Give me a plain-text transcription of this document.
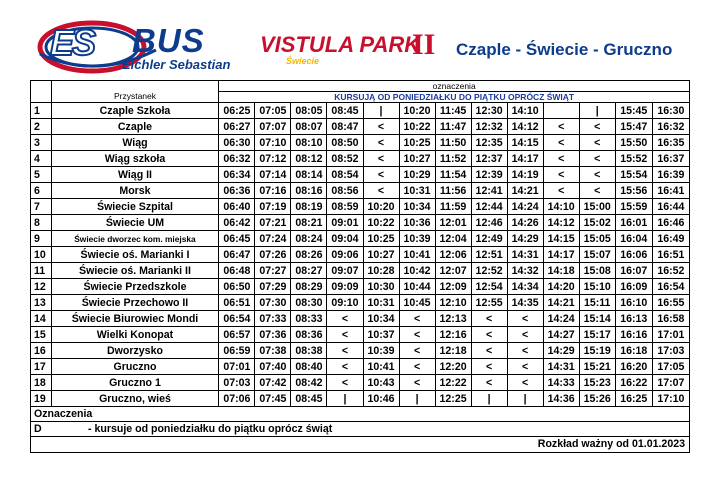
ES BUS
Eichler Sebastian
VISTULA PARK
Świecie	II Czaple - Świecie - Gruczno
		oznaczenia												
	Przystanek	KURSUJĄ OD PONIEDZIAŁKU DO PIĄTKU OPRÓCZ ŚWIĄT												
1	Czaple Szkoła	06:25	07:05	08:05	08:45	|	10:20	11:45	12:30	14:10		|	15:45	16:30
2	Czaple	06:27	07:07	08:07	08:47	<	10:22	11:47	12:32	14:12	<	<	15:47	16:32
3	Wiąg	06:30	07:10	08:10	08:50	<	10:25	11:50	12:35	14:15	<	<	15:50	16:35
4	Wiąg szkoła	06:32	07:12	08:12	08:52	<	10:27	11:52	12:37	14:17	<	<	15:52	16:37
5	Wiąg II	06:34	07:14	08:14	08:54	<	10:29	11:54	12:39	14:19	<	<	15:54	16:39
6	Morsk	06:36	07:16	08:16	08:56	<	10:31	11:56	12:41	14:21	<	<	15:56	16:41
7	Świecie Szpital	06:40	07:19	08:19	08:59	10:20	10:34	11:59	12:44	14:24	14:10	15:00	15:59	16:44
8	Świecie UM	06:42	07:21	08:21	09:01	10:22	10:36	12:01	12:46	14:26	14:12	15:02	16:01	16:46
9	Świecie dworzec kom. miejska	06:45	07:24	08:24	09:04	10:25	10:39	12:04	12:49	14:29	14:15	15:05	16:04	16:49
10	Świecie oś. Marianki I	06:47	07:26	08:26	09:06	10:27	10:41	12:06	12:51	14:31	14:17	15:07	16:06	16:51
11	Świecie oś. Marianki II	06:48	07:27	08:27	09:07	10:28	10:42	12:07	12:52	14:32	14:18	15:08	16:07	16:52
12	Świecie Przedszkole	06:50	07:29	08:29	09:09	10:30	10:44	12:09	12:54	14:34	14:20	15:10	16:09	16:54
13	Świecie Przechowo II	06:51	07:30	08:30	09:10	10:31	10:45	12:10	12:55	14:35	14:21	15:11	16:10	16:55
14	Świecie Biurowiec Mondi	06:54	07:33	08:33	<	10:34	<	12:13	<	<	14:24	15:14	16:13	16:58
15	Wielki Konopat	06:57	07:36	08:36	<	10:37	<	12:16	<	<	14:27	15:17	16:16	17:01
16	Dworzysko	06:59	07:38	08:38	<	10:39	<	12:18	<	<	14:29	15:19	16:18	17:03
17	Gruczno	07:01	07:40	08:40	<	10:41	<	12:20	<	<	14:31	15:21	16:20	17:05
18	Gruczno 1	07:03	07:42	08:42	<	10:43	<	12:22	<	<	14:33	15:23	16:22	17:07
19	Gruczno, wieś	07:06	07:45	08:45	|	10:46	|	12:25	|	|	14:36	15:26	16:25	17:10
Oznaczenia
D	- kursuje od poniedziałku do piątku oprócz świąt
Rozkład ważny od 01.01.2023
